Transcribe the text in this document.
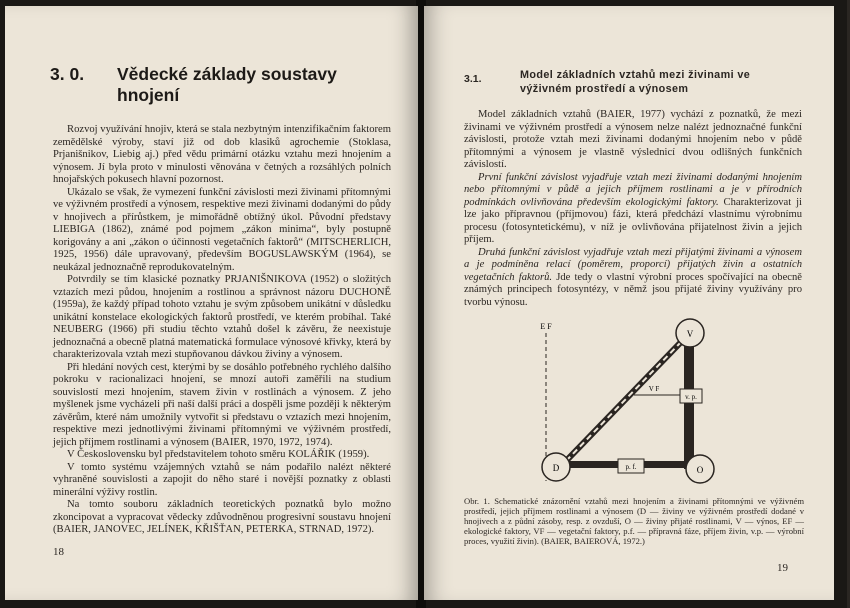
3. 0. Vědecké základy soustavy hnojení

Rozvoj využívání hnojiv, která se stala nezbytným intenzifikačním faktorem zemědělské výroby, staví již od dob klasiků agrochemie (Stoklasa, Prjanišnikov, Liebig aj.) před vědu primární otázku vztahu mezi hnojením a výnosem. Jí byla proto v minulosti věnována v četných a rozsáhlých polních hnojařských pokusech hlavní pozornost.

Ukázalo se však, že vymezení funkční závislosti mezi živinami přítomnými ve výživném prostředí a výnosem, respektive mezi živinami dodanými do půdy v hnojivech a přírůstkem, je mimořádně obtížný úkol. Původní představy LIEBIGA (1862), známé pod pojmem „zákon minima“, byly postupně korigovány a ani „zákon o účinnosti vegetačních faktorů“ (MITSCHERLICH, 1925, 1956) dále upravovaný, především BOGUSLAWSKÝM (1964), se neukázal jednoznačně reprodukovatelným.

Potvrdily se tím klasické poznatky PRJANIŠNIKOVA (1952) o složitých vztazích mezi půdou, hnojením a rostlinou a správnost názoru DUCHONĚ (1959a), že každý případ tohoto vztahu je svým způsobem unikátní v důsledku unikátní konstelace ekologických faktorů prostředí, ve kterém probíhal. Také NEUBERG (1966) při studiu těchto vztahů došel k závěru, že neexistuje jednoznačná a obecně platná matematická formulace výnosové křivky, která by charakterizovala vztah mezi stupňovanou dávkou živiny a výnosem.

Při hledání nových cest, kterými by se dosáhlo potřebného rychlého dalšího pokroku v racionalizaci hnojení, se mnozí autoři zaměřili na studium souvislostí mezi hnojením, stavem živin v rostlinách a výnosem. Z jeho myšlenek jsme vycházeli při naší další práci a dospěli jsme později k některým závěrům, které nám umožnily vytvořit si představu o vztazích mezi hnojením, respektive mezi jednotlivými živinami přítomnými ve výživném prostředí, jejich příjmem rostlinami a výnosem (BAIER, 1970, 1972, 1974).

V Československu byl představitelem tohoto směru KOLÁŘIK (1959).

V tomto systému vzájemných vztahů se nám podařilo nalézt některé vyhraněné souvislosti a zapojit do něho staré i novější poznatky z oblasti minerální výživy rostlin.

Na tomto souboru základních teoretických poznatků bylo možno zkoncipovat a vypracovat vědecky zdůvodněnou progresivní soustavu hnojení (BAIER, JANOVEC, JELÍNEK, KŘIŠŤAN, PETERKA, STRNAD, 1972).

18
3.1.	Model základních vztahů mezi živinami ve výživném prostředí a výnosem

Model základních vztahů (BAIER, 1977) vychází z poznatků, že mezi živinami ve výživném prostředí a výnosem nelze nalézt jednoznačné funkční závislosti, protože vztah mezi živinami dodanými hnojením nebo v půdě přítomnými a výnosem je vlastně výslednicí dvou odlišných funkčních závislostí.

První funkční závislost vyjadřuje vztah mezi živinami dodanými hnojením nebo přítomnými v půdě a jejich příjmem rostlinami a je v přírodních podmínkách ovlivňována především ekologickými faktory. Charakterizovat ji lze jako přípravnou (příjmovou) fázi, která předchází vlastnímu výrobnímu procesu (fotosyntetickému), v níž je ovlivňována přijatelnost živin a jejich příjem.

Druhá funkční závislost vyjadřuje vztah mezi přijatými živinami a výnosem a je podmíněna relací (poměrem, proporcí) přijatých živin a ostatních vegetačních faktorů. Jde tedy o vlastní výrobní proces spočívající na obecně známých principech fotosyntézy, v němž jsou přijaté živiny využívány pro tvorbu výnosu.

V
D	O
v. p.
p. f.
E F
V F
Obr. 1. Schematické znázornění vztahů mezi hnojením a živinami přítomnými ve výživném prostředí, jejich příjmem rostlinami a výnosem (D — živiny ve výživném prostředí dodané v hnojivech a z půdní zásoby, resp. z ovzduší, O — živiny přijaté rostlinami, V — výnos, EF — ekologické faktory, VF — vegetační faktory, p.f. — přípravná fáze, příjem živin, v.p. — výrobní proces, využití živin). (BAIER, BAIEROVÁ, 1972.)
19
